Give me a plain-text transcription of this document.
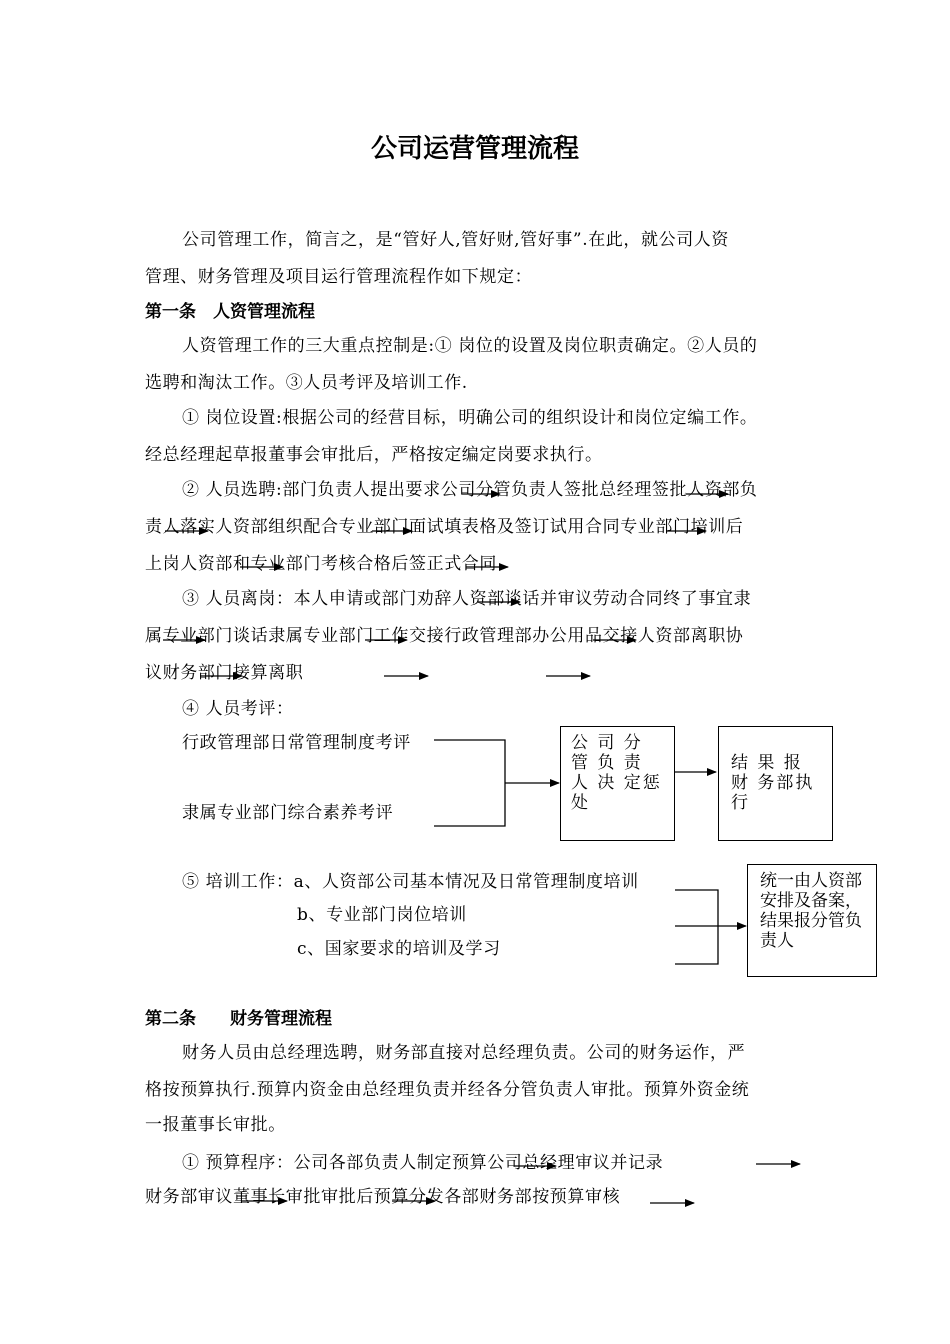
公司运营管理流程
公司管理工作，简言之，是“管好人,管好财,管好事”.在此，就公司人资
管理、财务管理及项目运行管理流程作如下规定：
第一条　人资管理流程
人资管理工作的三大重点控制是:① 岗位的设置及岗位职责确定。②人员的
选聘和淘汰工作。③人员考评及培训工作.
① 岗位设置:根据公司的经营目标，明确公司的组织设计和岗位定编工作。
经总经理起草报董事会审批后，严格按定编定岗要求执行。
② 人员选聘:部门负责人提出要求公司分管负责人签批总经理签批人资部负
责人落实人资部组织配合专业部门面试填表格及签订试用合同专业部门培训后
上岗人资部和专业部门考核合格后签正式合同
③ 人员离岗：本人申请或部门劝辞人资部谈话并审议劳动合同终了事宜隶
属专业部门谈话隶属专业部门工作交接行政管理部办公用品交接人资部离职协
议财务部门接算离职
④ 人员考评：
行政管理部日常管理制度考评
隶属专业部门综合素养考评
公 司 分 管 负 责 人 决 定惩处
结 果 报 财 务部执行
⑤ 培训工作：a、人资部公司基本情况及日常管理制度培训
b、专业部门岗位培训
c、国家要求的培训及学习
统一由人资部安排及备案，结果报分管负责人
第二条　　财务管理流程
财务人员由总经理选聘，财务部直接对总经理负责。公司的财务运作，严
格按预算执行.预算内资金由总经理负责并经各分管负责人审批。预算外资金统
一报董事长审批。
① 预算程序：公司各部负责人制定预算公司总经理审议并记录
财务部审议董事长审批审批后预算分发各部财务部按预算审核
